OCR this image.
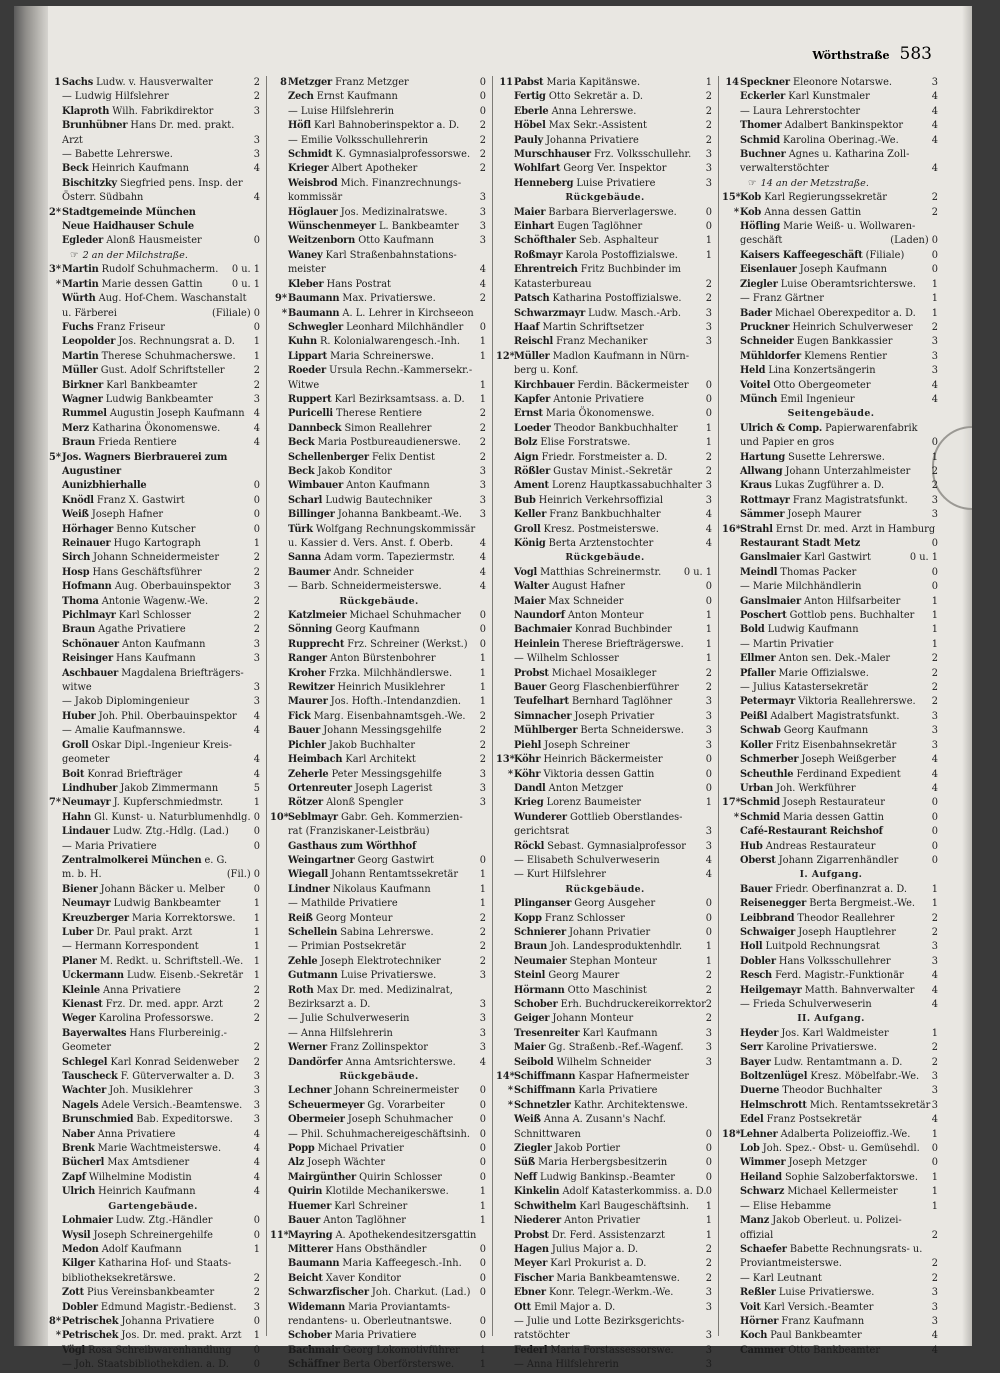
Wörthstraße 583
1 Sachs Ludw. v. Hausverwalter	2
— Ludwig Hilfslehrer	2
Klaproth Wilh. Fabrikdirektor	3
Brunhübner Hans Dr. med. prakt.
Arzt	3
— Babette Lehrerswe.	3
Beck Heinrich Kaufmann	4
Bischitzky Siegfried pens. Insp. der
Österr. Südbahn	4
2* Stadtgemeinde München
Neue Haidhauser Schule
Egleder Alonß Hausmeister	0
☞ 2 an der Milchstraße.
3* Martin Rudolf Schuhmacherm. 0 u. 1
* Martin Marie dessen Gattin	0 u. 1
Würth Aug. Hof-Chem. Waschanstalt
u. Färberei	(Filiale) 0
Fuchs Franz Friseur	0
Leopolder Jos. Rechnungsrat a. D. 1
Martin Therese Schuhmacherswe. 1
Müller Gust. Adolf Schriftsteller	2
Birkner Karl Bankbeamter	2
Wagner Ludwig Bankbeamter	3
Rummel Augustin Joseph Kaufmann 4
Merz Katharina Ökonomenswe.	4
Braun Frieda Rentiere	4
5* Jos. Wagners Bierbrauerei zum
Augustiner
Aunizbhierhalle	0
Knödl Franz X. Gastwirt	0
Weiß Joseph Hafner	0
Hörhager Benno Kutscher	0
Reinauer Hugo Kartograph	1
Sirch Johann Schneidermeister	2
Hosp Hans Geschäftsführer	2
Hofmann Aug. Oberbauinspektor 3
Thoma Antonie Wagenw.-We.	2
Pichlmayr Karl Schlosser	2
Braun Agathe Privatiere	2
Schönauer Anton Kaufmann	3
Reisinger Hans Kaufmann	3
Aschbauer Magdalena Briefträgers-
witwe	3
— Jakob Diplomingenieur	3
Huber Joh. Phil. Oberbauinspektor 4
— Amalie Kaufmannswe.	4
Groll Oskar Dipl.-Ingenieur Kreis-
geometer	4
Boit Konrad Briefträger	4
Lindhuber Jakob Zimmermann	5
7* Neumayr J. Kupferschmiedmstr.	1
Hahn Gl. Kunst- u. Naturblumenhdlg. 0
Lindauer Ludw. Ztg.-Hdlg. (Lad.)	0
— Maria Privatiere	0
Zentralmolkerei München e. G.
m. b. H.	(Fil.) 0
Biener Johann Bäcker u. Melber	0
Neumayr Ludwig Bankbeamter	1
Kreuzberger Maria Korrektorswe. 1
Luber Dr. Paul prakt. Arzt	1
— Hermann Korrespondent	1
Planer M. Redkt. u. Schriftstell.-We. 1
Uckermann Ludw. Eisenb.-Sekretär 1
Kleinle Anna Privatiere	2
Kienast Frz. Dr. med. appr. Arzt	2
Weger Karolina Professorswe.	2
Bayerwaltes Hans Flurbereinig.-
Geometer	2
Schlegel Karl Konrad Seidenweber 2
Tauscheck F. Güterverwalter a. D. 3
Wachter Joh. Musiklehrer	3
Nagels Adele Versich.-Beamtenswe. 3
Brunschmied Bab. Expeditorswe. 3
Naber Anna Privatiere	4
Brenk Marie Wachtmeisterswe.	4
Bücherl Max Amtsdiener	4
Zapf Wilhelmine Modistin	4
Ulrich Heinrich Kaufmann	4
Gartengebäude.
Lohmaier Ludw. Ztg.-Händler	0
Wysil Joseph Schreinergehilfe	0
Medon Adolf Kaufmann	1
Kilger Katharina Hof- und Staats-
bibliotheksekretärswe.	2
Zott Pius Vereinsbankbeamter	2
Dobler Edmund Magistr.-Bedienst. 3
8* Petrischek Johanna Privatiere	0
* Petrischek Jos. Dr. med. prakt. Arzt 1
Vögl Rosa Schreibwarenhandlung 0
— Joh. Staatsbibliothekdien. a. D.	0
8 Metzger Franz Metzger	0
Zech Ernst Kaufmann	0
— Luise Hilfslehrerin	0
Höfl Karl Bahnoberinspektor a. D. 2
— Emilie Volksschullehrerin	2
Schmidt K. Gymnasialprofessorswe. 2
Krieger Albert Apotheker	2
Weisbrod Mich. Finanzrechnungs-
kommissär	3
Höglauer Jos. Medizinalratswe.	3
Wünschenmeyer L. Bankbeamter 3
Weitzenborn Otto Kaufmann	3
Waney Karl Straßenbahnstations-
meister	4
Kleber Hans Postrat	4
9* Baumann Max. Privatierswe.	2
* Baumann A. L. Lehrer in Kirchseeon
Schwegler Leonhard Milchhändler 0
Kuhn R. Kolonialwarengesch.-Inh. 1
Lippart Maria Schreinerswe.	1
Roeder Ursula Rechn.-Kammersekr.-
Witwe	1
Ruppert Karl Bezirksamtsass. a. D. 1
Puricelli Therese Rentiere	2
Dannbeck Simon Reallehrer	2
Beck Maria Postbureaudienerswe. 2
Schellenberger Felix Dentist	2
Beck Jakob Konditor	3
Wimbauer Anton Kaufmann	3
Scharl Ludwig Bautechniker	3
Billinger Johanna Bankbeamt.-We. 3
Türk Wolfgang Rechnungskommissär
u. Kassier d. Vers. Anst. f. Oberb.	4
Sanna Adam vorm. Tapeziermstr.	4
Baumer Andr. Schneider	4
— Barb. Schneidermeisterswe.	4
Rückgebäude.
Katzlmeier Michael Schuhmacher 0
Sönning Georg Kaufmann	0
Rupprecht Frz. Schreiner (Werkst.) 0
Ranger Anton Bürstenbohrer	1
Kroher Frzka. Milchhändlerswe.	1
Rewitzer Heinrich Musiklehrer	1
Maurer Jos. Hofth.-Intendanzdien. 1
Fick Marg. Eisenbahnamtsgeh.-We. 2
Bauer Johann Messingsgehilfe	2
Pichler Jakob Buchhalter	2
Heimbach Karl Architekt	2
Zeherle Peter Messingsgehilfe	3
Ortenreuter Joseph Lagerist	3
Rötzer Alonß Spengler	3
10* Seblmayr Gabr. Geh. Kommerzien-
rat (Franziskaner-Leistbräu)
Gasthaus zum Wörthhof
Weingartner Georg Gastwirt	0
Wiegall Johann Rentamtssekretär 1
Lindner Nikolaus Kaufmann	1
— Mathilde Privatiere	1
Reiß Georg Monteur	2
Schellein Sabina Lehrerswe.	2
— Primian Postsekretär	2
Zehle Joseph Elektrotechniker	2
Gutmann Luise Privatierswe.	3
Roth Max Dr. med. Medizinalrat,
Bezirksarzt a. D.	3
— Julie Schulverweserin	3
— Anna Hilfslehrerin	3
Werner Franz Zollinspektor	3
Dandörfer Anna Amtsrichterswe. 4
Rückgebäude.
Lechner Johann Schreinermeister 0
Scheuermeyer Gg. Vorarbeiter	0
Obermeier Joseph Schuhmacher	0
— Phil. Schuhmachereigeschäftsinh. 0
Popp Michael Privatier	0
Alz Joseph Wächter	0
Mairgünther Quirin Schlosser	0
Quirin Klotilde Mechanikerswe.	1
Huemer Karl Schreiner	1
Bauer Anton Taglöhner	1
11* Mayring A. Apothekendesitzersgattin
Mitterer Hans Obsthändler	0
Baumann Maria Kaffeegesch.-Inh. 0
Beicht Xaver Konditor	0
Schwarzfischer Joh. Charkut. (Lad.) 0
Widemann Maria Proviantamts-
rendantens- u. Oberleutnantswe.	0
Schober Maria Privatiere	0
Bachmair Georg Lokomotivführer 1
Schäffner Berta Oberförsterswe.	1
11 Pabst Maria Kapitänswe.	1
Fertig Otto Sekretär a. D.	2
Eberle Anna Lehrerswe.	2
Höbel Max Sekr.-Assistent	2
Pauly Johanna Privatiere	2
Murschhauser Frz. Volksschullehr. 3
Wohlfart Georg Ver. Inspektor	3
Henneberg Luise Privatiere	3
Rückgebäude.
Maier Barbara Bierverlagerswe.	0
Einhart Eugen Taglöhner	0
Schöfthaler Seb. Asphalteur	1
Roßmayr Karola Postoffizialswe.	1
Ehrentreich Fritz Buchbinder im
Katasterbureau	2
Patsch Katharina Postoffizialswe. 2
Schwarzmayr Ludw. Masch.-Arb.	3
Haaf Martin Schriftsetzer	3
Reischl Franz Mechaniker	3
12* Müller Madlon Kaufmann in Nürn-
berg u. Konf.
Kirchbauer Ferdin. Bäckermeister 0
Kapfer Antonie Privatiere	0
Ernst Maria Ökonomenswe.	0
Loeder Theodor Bankbuchhalter	1
Bolz Elise Forstratswe.	1
Aign Friedr. Forstmeister a. D.	2
Rößler Gustav Minist.-Sekretär	2
Ament Lorenz Hauptkassabuchhalter 3
Bub Heinrich Verkehrsoffizial	3
Keller Franz Bankbuchhalter	4
Groll Kresz. Postmeisterswe.	4
König Berta Arztenstochter	4
Rückgebäude.
Vogl Matthias Schreinermstr. 0 u. 1
Walter August Hafner	0
Maier Max Schneider	0
Naundorf Anton Monteur	1
Bachmaier Konrad Buchbinder	1
Heinlein Therese Briefträgerswe. 1
— Wilhelm Schlosser	1
Probst Michael Mosaikleger	2
Bauer Georg Flaschenbierführer	2
Teufelhart Bernhard Taglöhner	3
Simnacher Joseph Privatier	3
Mühlberger Berta Schneiderswe. 3
Piehl Joseph Schreiner	3
13* Köhr Heinrich Bäckermeister	0
* Köhr Viktoria dessen Gattin	0
Dandl Anton Metzger	0
Krieg Lorenz Baumeister	1
Wunderer Gottlieb Oberstlandes-
gerichtsrat	3
Röckl Sebast. Gymnasialprofessor 3
— Elisabeth Schulverweserin	4
— Kurt Hilfslehrer	4
Rückgebäude.
Plinganser Georg Ausgeher	0
Kopp Franz Schlosser	0
Schnierer Johann Privatier	0
Braun Joh. Landesproduktenhdlr. 1
Neumaier Stephan Monteur	1
Steinl Georg Maurer	2
Hörmann Otto Maschinist	2
Schober Erh. Buchdruckereikorrektor 2
Geiger Johann Monteur	2
Tresenreiter Karl Kaufmann	3
Maier Gg. Straßenb.-Ref.-Wagenf. 3
Seibold Wilhelm Schneider	3
14* Schiffmann Kaspar Hafnermeister
* Schiffmann Karla Privatiere
* Schnetzler Kathr. Architektenswe.
Weiß Anna A. Zusann's Nachf.
Schnittwaren	0
Ziegler Jakob Portier	0
Süß Maria Herbergsbesitzerin	0
Neff Ludwig Bankinsp.-Beamter	0
Kinkelin Adolf Katasterkommiss. a. D. 0
Schwithelm Karl Baugeschäftsinh. 1
Niederer Anton Privatier	1
Probst Dr. Ferd. Assistenzarzt	1
Hagen Julius Major a. D.	2
Meyer Karl Prokurist a. D.	2
Fischer Maria Bankbeamtenswe.	2
Ebner Konr. Telegr.-Werkm.-We.	3
Ott Emil Major a. D.	3
— Julie und Lotte Bezirksgerichts-
ratstöchter	3
Federl Maria Forstassessorswe.	3
— Anna Hilfslehrerin	3
14 Speckner Eleonore Notarswe.	3
Eckerler Karl Kunstmaler	4
— Laura Lehrerstochter	4
Thomer Adalbert Bankinspektor	4
Schmid Karolina Oberinag.-We.	4
Buchner Agnes u. Katharina Zoll-
verwalterstöchter	4
☞ 14 an der Metzstraße.
15* Kob Karl Regierungssekretär	2
* Kob Anna dessen Gattin	2
Höfling Marie Weiß- u. Wollwaren-
geschäft	(Laden) 0
Kaisers Kaffeegeschäft (Filiale)	0
Eisenlauer Joseph Kaufmann	0
Ziegler Luise Oberamtsrichterswe. 1
— Franz Gärtner	1
Bader Michael Oberexpeditor a. D. 1
Pruckner Heinrich Schulverweser 2
Schneider Eugen Bankkassier	3
Mühldorfer Klemens Rentier	3
Held Lina Konzertsängerin	3
Voitel Otto Obergeometer	4
Münch Emil Ingenieur	4
Seitengebäude.
Ulrich & Comp. Papierwarenfabrik
und Papier en gros	0
Hartung Susette Lehrerswe.	1
Allwang Johann Unterzahlmeister 2
Kraus Lukas Zugführer a. D.	2
Rottmayr Franz Magistratsfunkt. 3
Sämmer Joseph Maurer	3
16* Strahl Ernst Dr. med. Arzt in Hamburg
Restaurant Stadt Metz	0
Ganslmaier Karl Gastwirt	0 u. 1
Meindl Thomas Packer	0
— Marie Milchhändlerin	0
Ganslmaier Anton Hilfsarbeiter	1
Poschert Gottlob pens. Buchhalter 1
Bold Ludwig Kaufmann	1
— Martin Privatier	1
Ellmer Anton sen. Dek.-Maler	2
Pfaller Marie Offizialswe.	2
— Julius Katastersekretär	2
Petermayr Viktoria Reallehrerswe. 2
Peißl Adalbert Magistratsfunkt.	3
Schwab Georg Kaufmann	3
Koller Fritz Eisenbahnsekretär	3
Schmerber Joseph Weißgerber	4
Scheuthle Ferdinand Expedient	4
Urban Joh. Werkführer	4
17* Schmid Joseph Restaurateur	0
* Schmid Maria dessen Gattin	0
Café-Restaurant Reichshof	0
Hub Andreas Restaurateur	0
Oberst Johann Zigarrenhändler	0
I. Aufgang.
Bauer Friedr. Oberfinanzrat a. D.	1
Reisenegger Berta Bergmeist.-We. 1
Leibbrand Theodor Reallehrer	2
Schwaiger Joseph Hauptlehrer	2
Holl Luitpold Rechnungsrat	3
Dobler Hans Volksschullehrer	3
Resch Ferd. Magistr.-Funktionär	4
Heilgemayr Matth. Bahnverwalter 4
— Frieda Schulverweserin	4
II. Aufgang.
Heyder Jos. Karl Waldmeister	1
Serr Karoline Privatierswe.	2
Bayer Ludw. Rentamtmann a. D.	2
Boltzenlügel Kresz. Möbelfabr.-We. 3
Duerne Theodor Buchhalter	3
Helmschrott Mich. Rentamtssekretär 3
Edel Franz Postsekretär	4
18* Lehner Adalberta Polizeioffiz.-We. 1
Lob Joh. Spez.- Obst- u. Gemüsehdl. 0
Wimmer Joseph Metzger	0
Heiland Sophie Salzoberfaktorswe. 1
Schwarz Michael Kellermeister	1
— Elise Hebamme	1
Manz Jakob Oberleut. u. Polizei-
offizial	2
Schaefer Babette Rechnungsrats- u.
Proviantmeisterswe.	2
— Karl Leutnant	2
Reßler Luise Privatierswe.	3
Voit Karl Versich.-Beamter	3
Hörner Franz Kaufmann	3
Koch Paul Bankbeamter	4
Cammer Otto Bankbeamter	4
